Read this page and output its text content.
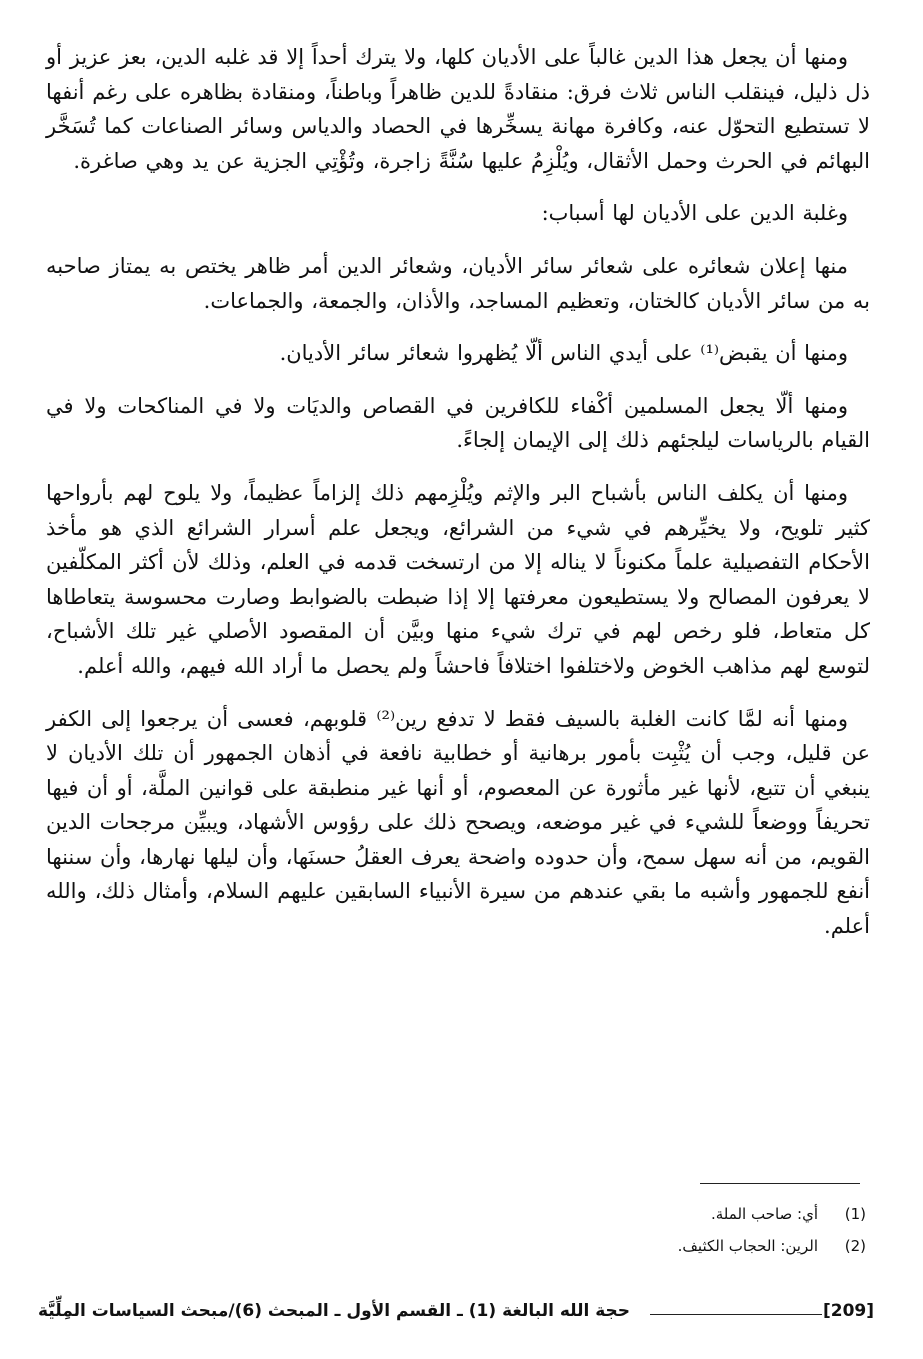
ومنها أن يجعل هذا الدين غالباً على الأديان كلها، ولا يترك أحداً إلا قد غلبه الدين، بعز عزيز أو ذل ذليل، فينقلب الناس ثلاث فرق: منقادةً للدين ظاهراً وباطناً، ومنقادة بظاهره على رغم أنفها لا تستطيع التحوّل عنه، وكافرة مهانة يسخِّرها في الحصاد والدياس وسائر الصناعات كما تُسَخَّر البهائم في الحرث وحمل الأثقال، ويُلْزِمُ عليها سُنَّةً زاجرة، وتُؤْتِي الجزية عن يد وهي صاغرة.

وغلبة الدين على الأديان لها أسباب:

منها إعلان شعائره على شعائر سائر الأديان، وشعائر الدين أمر ظاهر يختص به يمتاز صاحبه به من سائر الأديان كالختان، وتعظيم المساجد، والأذان، والجمعة، والجماعات.

ومنها أن يقبض⁽¹⁾ على أيدي الناس ألّا يُظهروا شعائر سائر الأديان.

ومنها ألّا يجعل المسلمين أكْفاء للكافرين في القصاص والديَات ولا في المناكحات ولا في القيام بالرياسات ليلجئهم ذلك إلى الإيمان إلجاءً.

ومنها أن يكلف الناس بأشباح البر والإثم ويُلْزِمهم ذلك إلزاماً عظيماً، ولا يلوح لهم بأرواحها كثير تلويح، ولا يخيِّرهم في شيء من الشرائع، ويجعل علم أسرار الشرائع الذي هو مأخذ الأحكام التفصيلية علماً مكنوناً لا يناله إلا من ارتسخت قدمه في العلم، وذلك لأن أكثر المكلّفين لا يعرفون المصالح ولا يستطيعون معرفتها إلا إذا ضبطت بالضوابط وصارت محسوسة يتعاطاها كل متعاط، فلو رخص لهم في ترك شيء منها وبيَّن أن المقصود الأصلي غير تلك الأشباح، لتوسع لهم مذاهب الخوض ولاختلفوا اختلافاً فاحشاً ولم يحصل ما أراد الله فيهم، والله أعلم.

ومنها أنه لمَّا كانت الغلبة بالسيف فقط لا تدفع رين⁽²⁾ قلوبهم، فعسى أن يرجعوا إلى الكفر عن قليل، وجب أن يُثْبِت بأمور برهانية أو خطابية نافعة في أذهان الجمهور أن تلك الأديان لا ينبغي أن تتبع، لأنها غير مأثورة عن المعصوم، أو أنها غير منطبقة على قوانين الملَّة، أو أن فيها تحريفاً ووضعاً للشيء في غير موضعه، ويصحح ذلك على رؤوس الأشهاد، ويبيِّن مرجحات الدين القويم، من أنه سهل سمح، وأن حدوده واضحة يعرف العقلُ حسنَها، وأن ليلها نهارها، وأن سننها أنفع للجمهور وأشبه ما بقي عندهم من سيرة الأنبياء السابقين عليهم السلام، وأمثال ذلك، والله أعلم.

(1)
أي: صاحب الملة.
(2)
الرين: الحجاب الكثيف.
حجة الله البالغة (1) ـ القسم الأول ـ المبحث (6)/مبحث السياسات المِلِّيَّة	[209]
